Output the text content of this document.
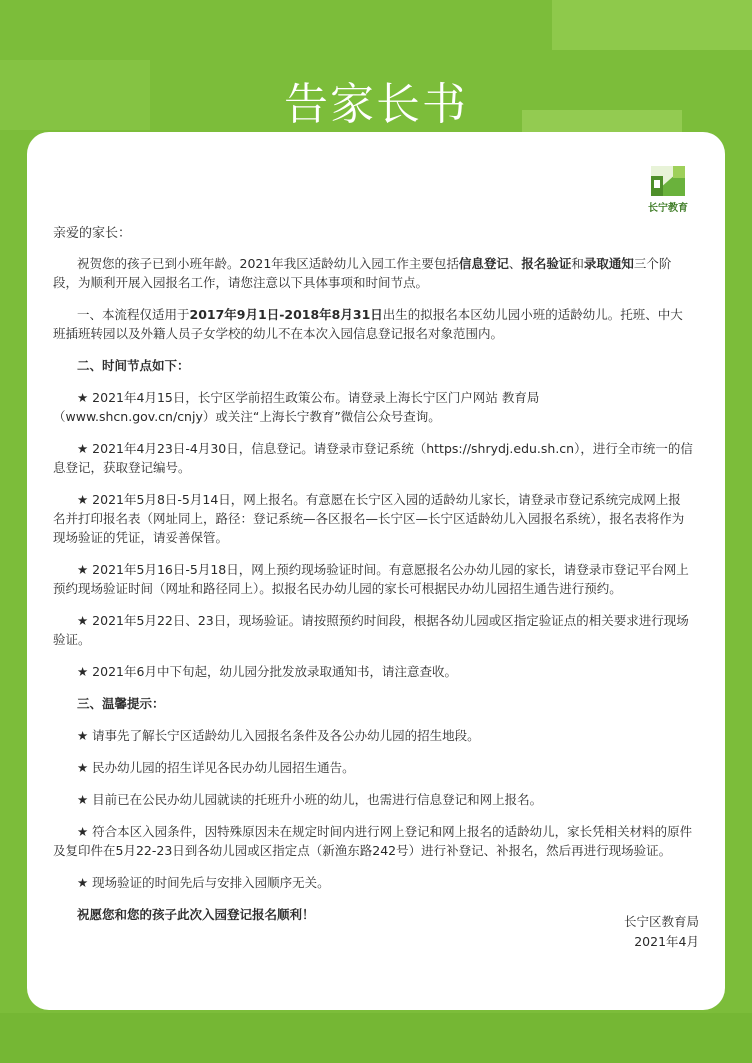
告家长书
长宁教育

亲爱的家长：

祝贺您的孩子已到小班年龄。2021年我区适龄幼儿入园工作主要包括信息登记、报名验证和录取通知三个阶段，为顺利开展入园报名工作，请您注意以下具体事项和时间节点。

一、本流程仅适用于2017年9月1日-2018年8月31日出生的拟报名本区幼儿园小班的适龄幼儿。托班、中大班插班转园以及外籍人员子女学校的幼儿不在本次入园信息登记报名对象范围内。

二、时间节点如下：

★ 2021年4月15日，长宁区学前招生政策公布。请登录上海长宁区门户网站 教育局（www.shcn.gov.cn/cnjy）或关注“上海长宁教育”微信公众号查询。

★ 2021年4月23日-4月30日，信息登记。请登录市登记系统（https://shrydj.edu.sh.cn），进行全市统一的信息登记，获取登记编号。

★ 2021年5月8日-5月14日，网上报名。有意愿在长宁区入园的适龄幼儿家长，请登录市登记系统完成网上报名并打印报名表（网址同上，路径：登记系统—各区报名—长宁区—长宁区适龄幼儿入园报名系统），报名表将作为现场验证的凭证，请妥善保管。

★ 2021年5月16日-5月18日，网上预约现场验证时间。有意愿报名公办幼儿园的家长，请登录市登记平台网上预约现场验证时间（网址和路径同上）。拟报名民办幼儿园的家长可根据民办幼儿园招生通告进行预约。

★ 2021年5月22日、23日，现场验证。请按照预约时间段，根据各幼儿园或区指定验证点的相关要求进行现场验证。

★ 2021年6月中下旬起，幼儿园分批发放录取通知书，请注意查收。

三、温馨提示：

★ 请事先了解长宁区适龄幼儿入园报名条件及各公办幼儿园的招生地段。

★ 民办幼儿园的招生详见各民办幼儿园招生通告。

★ 目前已在公民办幼儿园就读的托班升小班的幼儿，也需进行信息登记和网上报名。

★ 符合本区入园条件，因特殊原因未在规定时间内进行网上登记和网上报名的适龄幼儿，家长凭相关材料的原件及复印件在5月22-23日到各幼儿园或区指定点（新渔东路242号）进行补登记、补报名，然后再进行现场验证。

★ 现场验证的时间先后与安排入园顺序无关。

祝愿您和您的孩子此次入园登记报名顺利！	长宁区教育局
2021年4月
